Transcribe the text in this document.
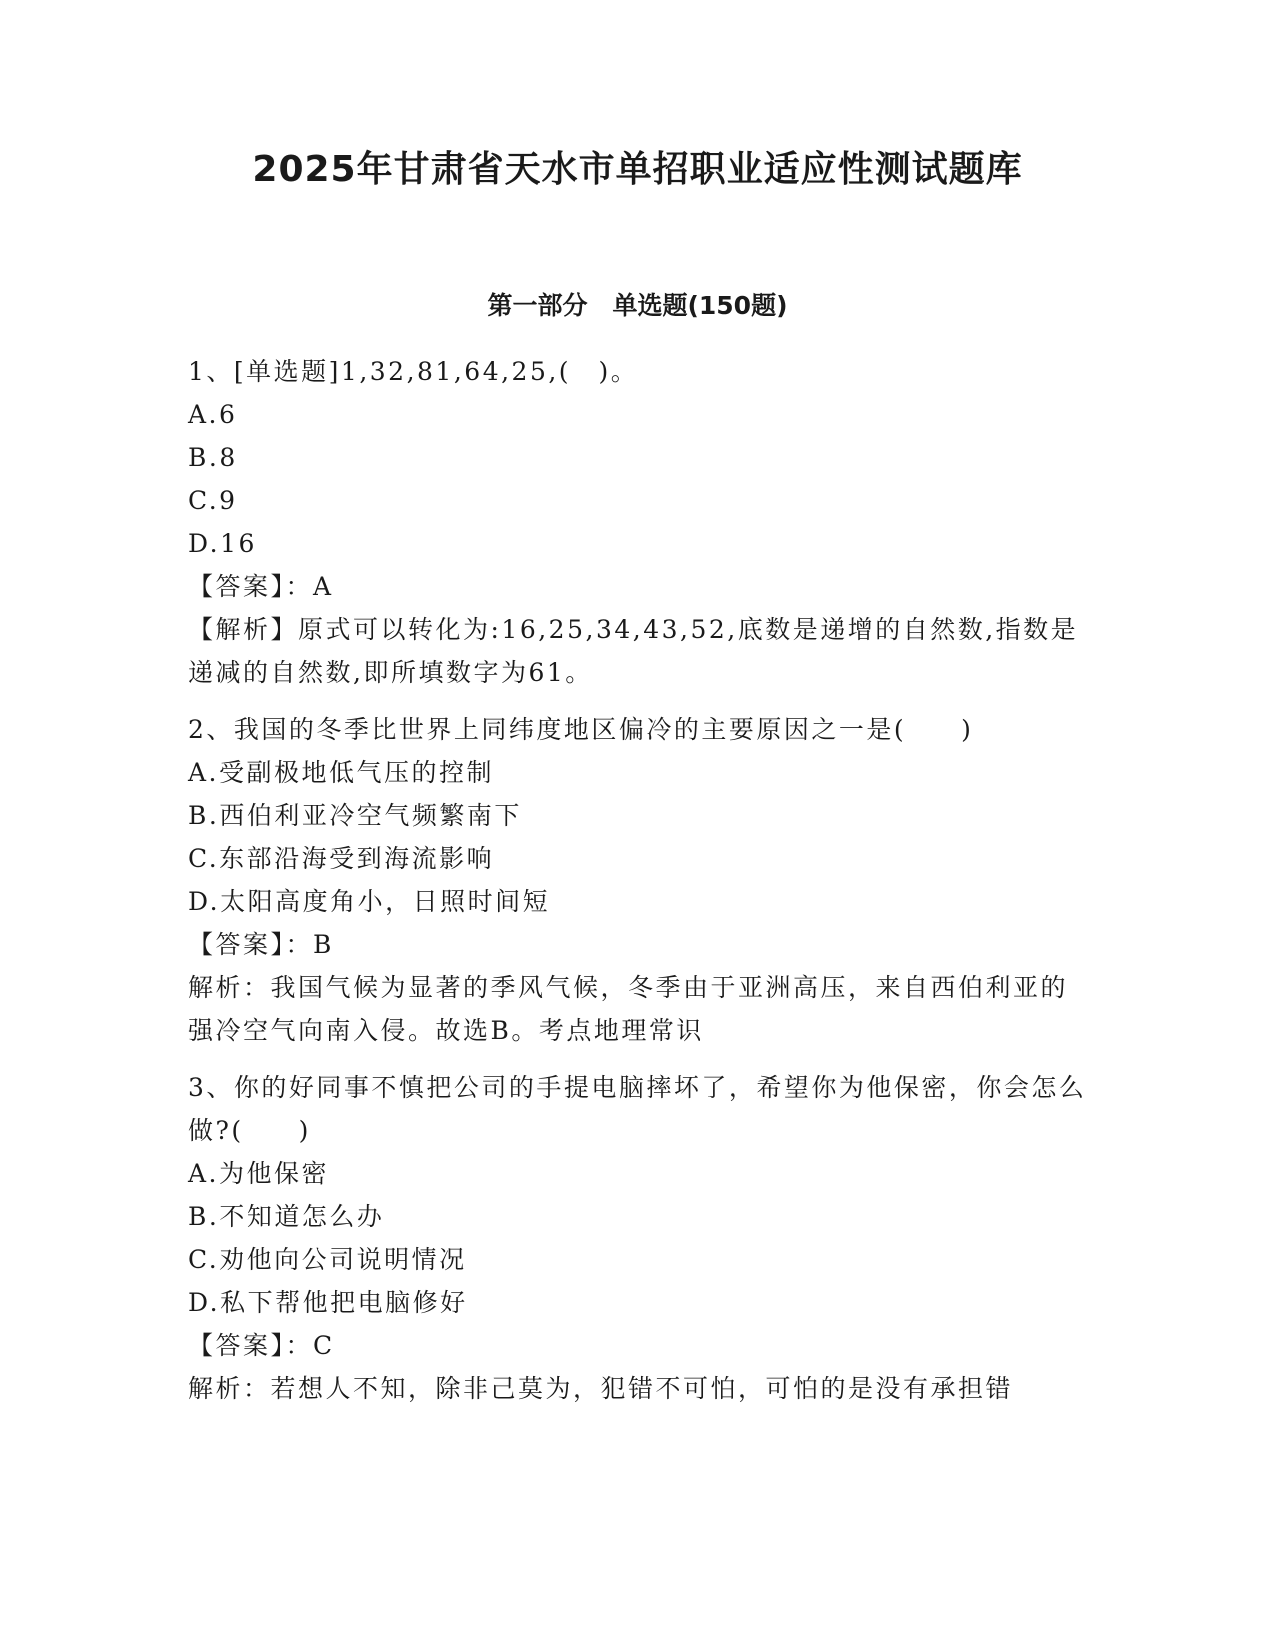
2025年甘肃省天水市单招职业适应性测试题库
第一部分　单选题(150题)
1、[单选题]1,32,81,64,25,(　)。
A.6
B.8
C.9
D.16
【答案】：A
【解析】原式可以转化为:16,25,34,43,52,底数是递增的自然数,指数是递减的自然数,即所填数字为61。
2、我国的冬季比世界上同纬度地区偏冷的主要原因之一是(　　)
A.受副极地低气压的控制
B.西伯利亚冷空气频繁南下
C.东部沿海受到海流影响
D.太阳高度角小，日照时间短
【答案】：B
解析：我国气候为显著的季风气候，冬季由于亚洲高压，来自西伯利亚的强冷空气向南入侵。故选B。考点地理常识
3、你的好同事不慎把公司的手提电脑摔坏了，希望你为他保密，你会怎么做?(　　)
A.为他保密
B.不知道怎么办
C.劝他向公司说明情况
D.私下帮他把电脑修好
【答案】：C
解析：若想人不知，除非己莫为，犯错不可怕，可怕的是没有承担错
